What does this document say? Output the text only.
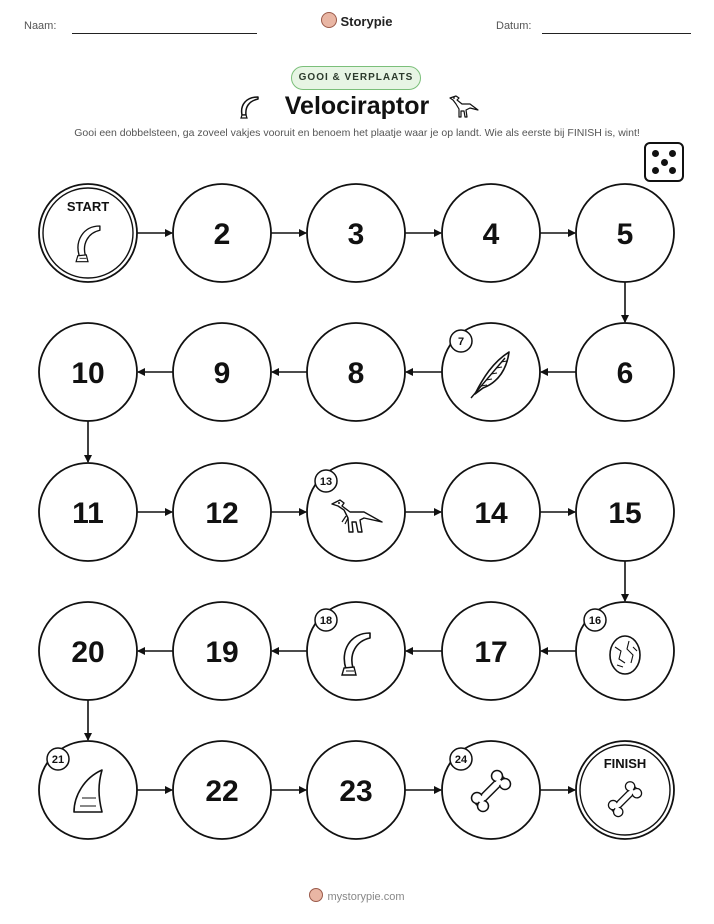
Naam:	Storypie	Datum:
GOOI & VERPLAATS
Velociraptor
Gooi een dobbelsteen, ga zoveel vakjes vooruit en benoem het plaatje waar je op landt. Wie als eerste bij FINISH is, wint!
START
2	3	4	5
10	9	8
7
6
11	12
13
14	15
20	19
18
17
16
21
22	23
24	FINISH
mystorypie.com
